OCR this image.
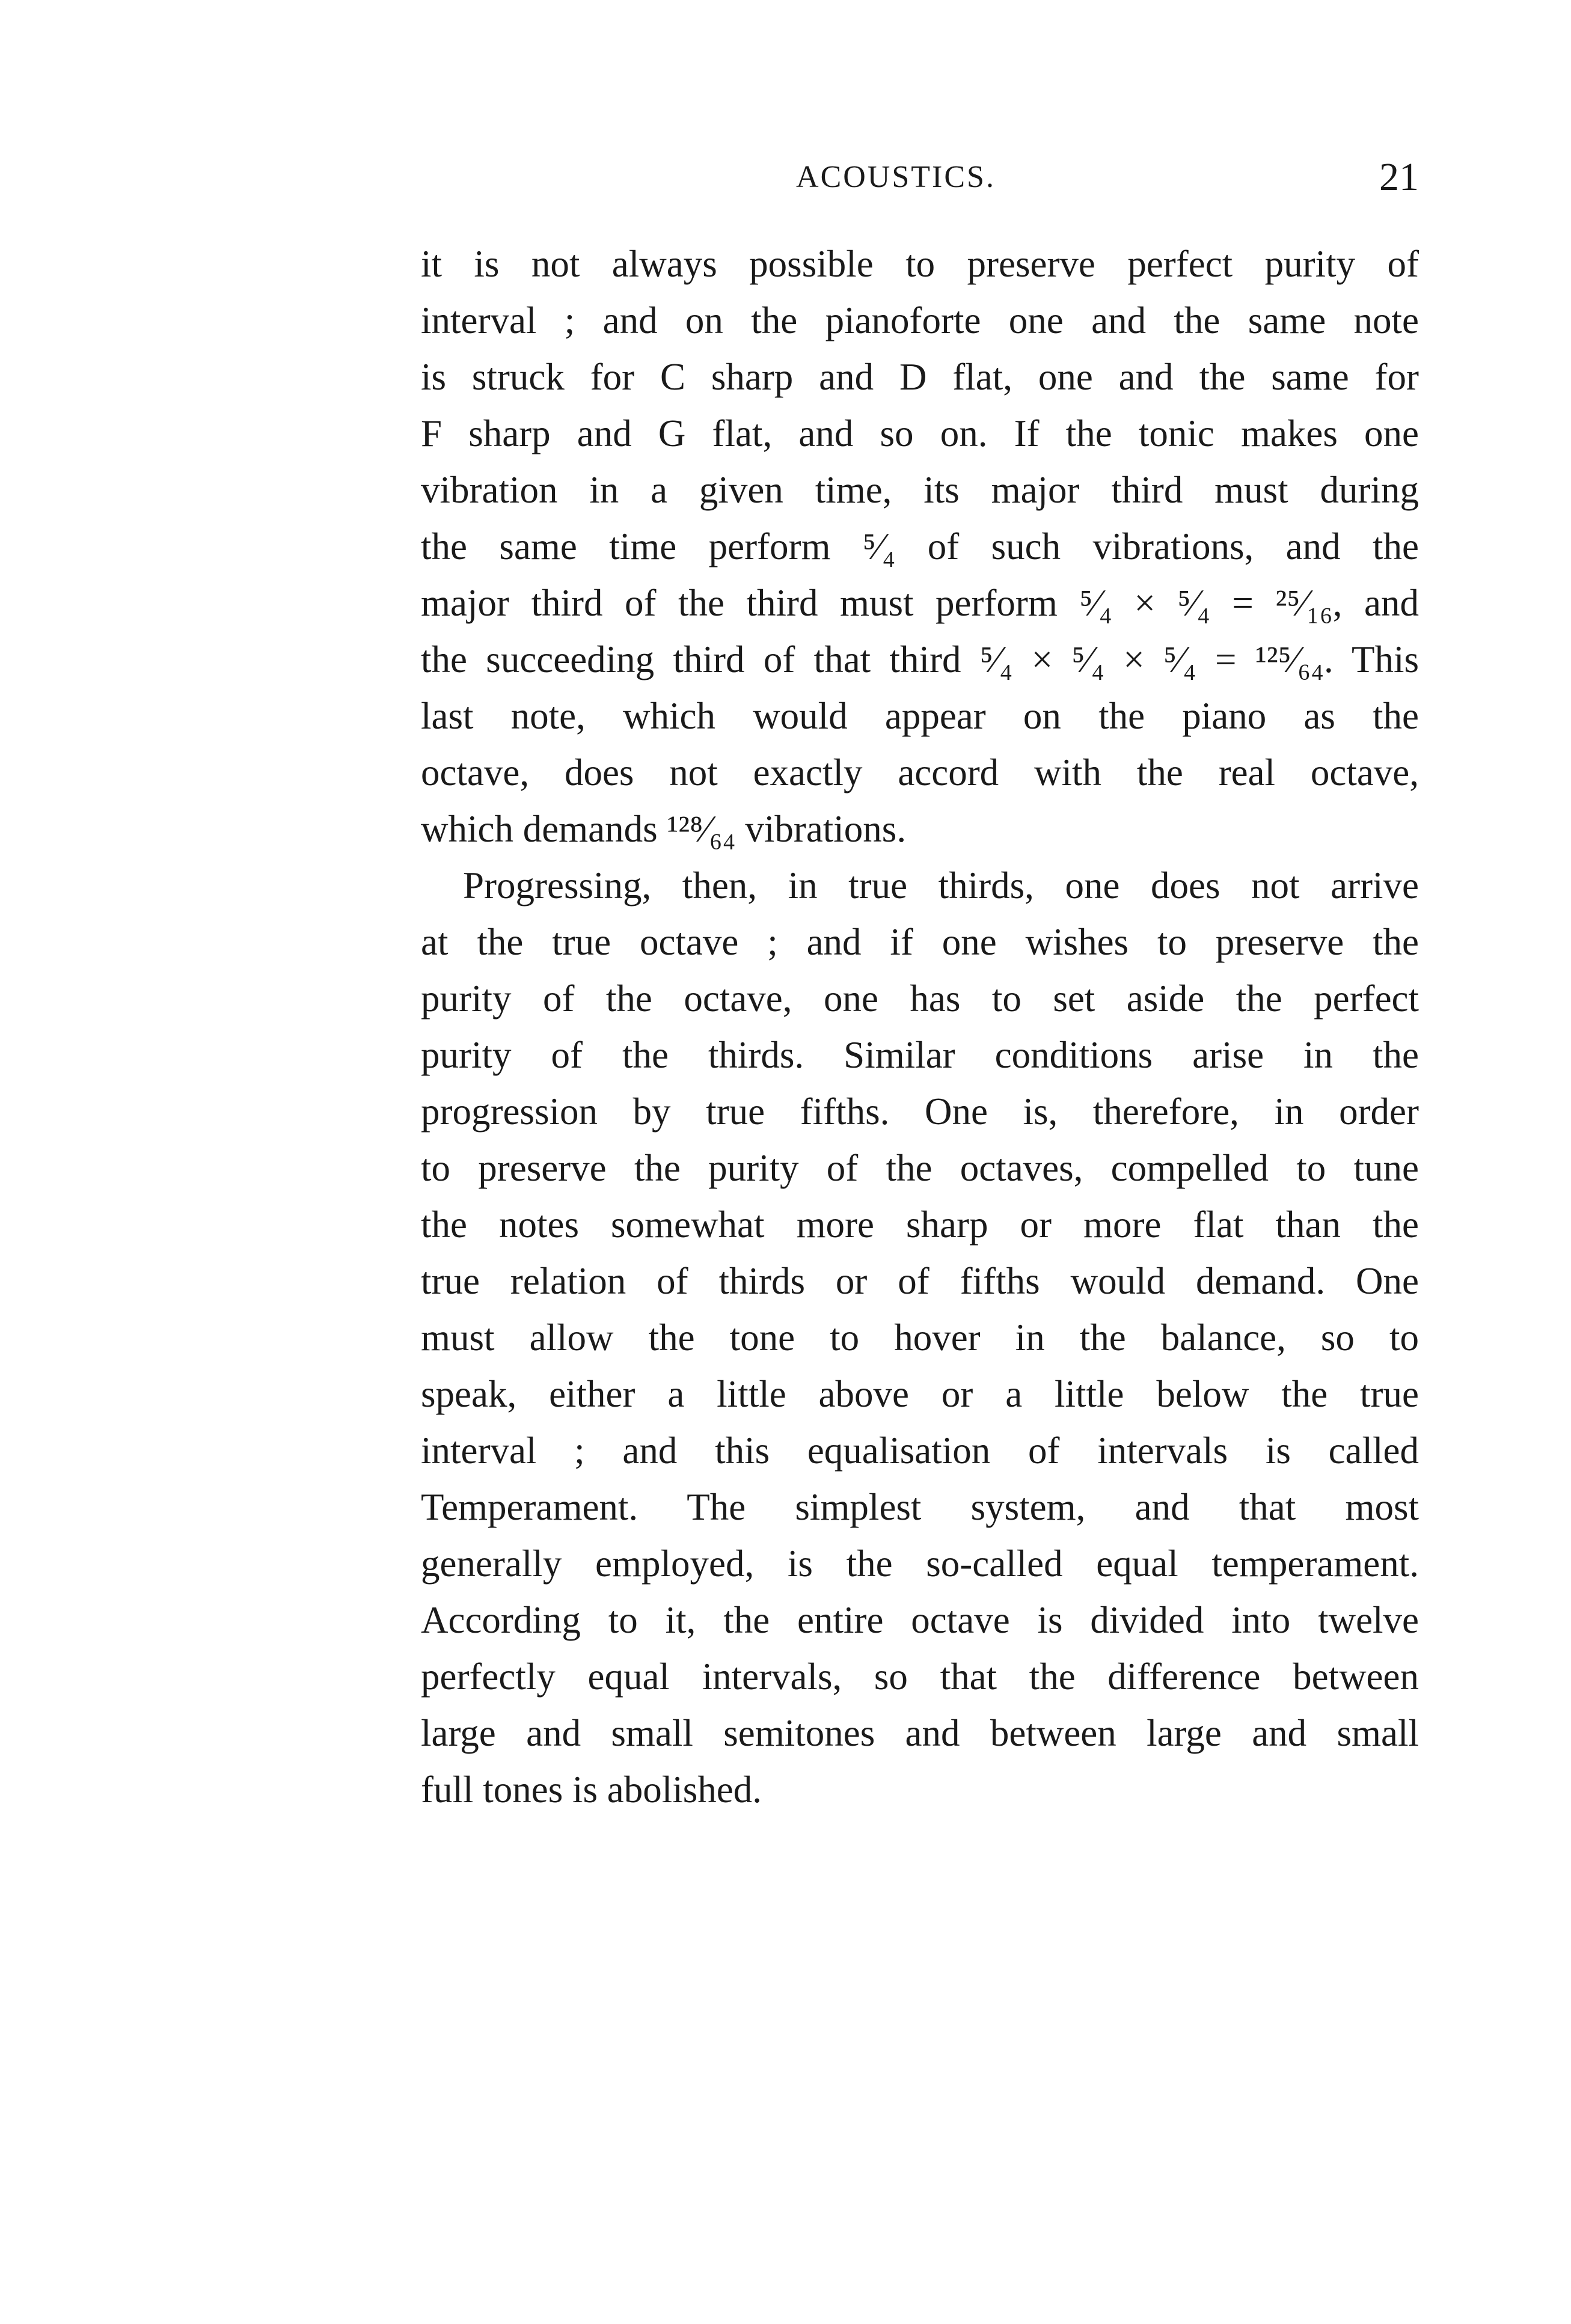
ACOUSTICS.	21
it is not always possible to preserve perfect purity of
interval ; and on the pianoforte one and the same note
is struck for C sharp and D flat, one and the same for
F sharp and G flat, and so on. If the tonic makes one
vibration in a given time, its major third must during
the same time perform ⁵⁄₄ of such vibrations, and the
major third of the third must perform ⁵⁄₄ × ⁵⁄₄ = ²⁵⁄₁₆, and
the succeeding third of that third ⁵⁄₄ × ⁵⁄₄ × ⁵⁄₄ = ¹²⁵⁄₆₄. This
last note, which would appear on the piano as the
octave, does not exactly accord with the real octave,
which demands ¹²⁸⁄₆₄ vibrations.
Progressing, then, in true thirds, one does not arrive
at the true octave ; and if one wishes to preserve the
purity of the octave, one has to set aside the perfect
purity of the thirds. Similar conditions arise in the
progression by true fifths. One is, therefore, in order
to preserve the purity of the octaves, compelled to tune
the notes somewhat more sharp or more flat than the
true relation of thirds or of fifths would demand. One
must allow the tone to hover in the balance, so to
speak, either a little above or a little below the true
interval ; and this equalisation of intervals is called
Temperament. The simplest system, and that most
generally employed, is the so-called equal temperament.
According to it, the entire octave is divided into twelve
perfectly equal intervals, so that the difference between
large and small semitones and between large and small
full tones is abolished.
